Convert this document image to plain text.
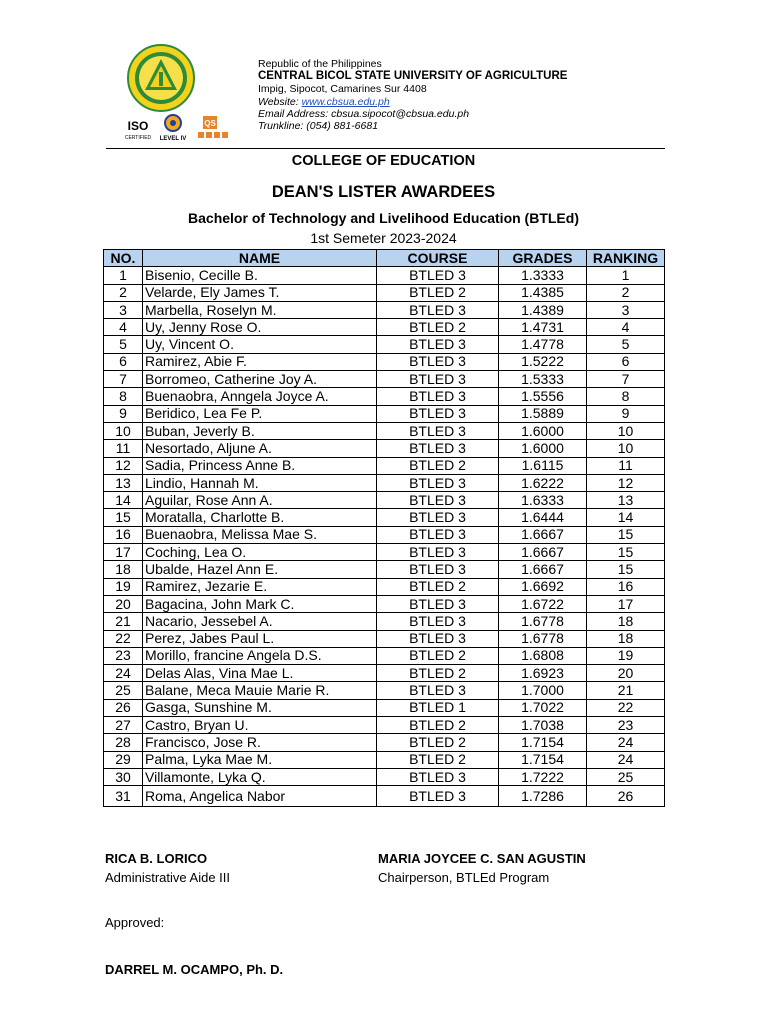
ISO
CERTIFIED LEVEL IV
QS
Republic of the Philippines
CENTRAL BICOL STATE UNIVERSITY OF AGRICULTURE
Impig, Sipocot, Camarines Sur 4408
Website: www.cbsua.edu.ph
Email Address: cbsua.sipocot@cbsua.edu.ph
Trunkline: (054) 881-6681
COLLEGE OF EDUCATION
DEAN'S LISTER AWARDEES
Bachelor of Technology and Livelihood Education (BTLEd)
1st Semeter 2023-2024
NO.	NAME	COURSE	GRADES	RANKING
1	Bisenio, Cecille B.	BTLED 3	1.3333	1
2	Velarde, Ely James T.	BTLED 2	1.4385	2
3	Marbella, Roselyn M.	BTLED 3	1.4389	3
4	Uy, Jenny Rose O.	BTLED 2	1.4731	4
5	Uy, Vincent O.	BTLED 3	1.4778	5
6	Ramirez, Abie F.	BTLED 3	1.5222	6
7	Borromeo, Catherine Joy A.	BTLED 3	1.5333	7
8	Buenaobra, Anngela Joyce A.	BTLED 3	1.5556	8
9	Beridico, Lea Fe P.	BTLED 3	1.5889	9
10	Buban, Jeverly B.	BTLED 3	1.6000	10
11	Nesortado, Aljune A.	BTLED 3	1.6000	10
12	Sadia, Princess Anne B.	BTLED 2	1.6115	11
13	Lindio, Hannah M.	BTLED 3	1.6222	12
14	Aguilar, Rose Ann A.	BTLED 3	1.6333	13
15	Moratalla, Charlotte B.	BTLED 3	1.6444	14
16	Buenaobra, Melissa Mae S.	BTLED 3	1.6667	15
17	Coching, Lea O.	BTLED 3	1.6667	15
18	Ubalde, Hazel Ann E.	BTLED 3	1.6667	15
19	Ramirez, Jezarie E.	BTLED 2	1.6692	16
20	Bagacina, John Mark C.	BTLED 3	1.6722	17
21	Nacario, Jessebel A.	BTLED 3	1.6778	18
22	Perez, Jabes Paul L.	BTLED 3	1.6778	18
23	Morillo, francine Angela D.S.	BTLED 2	1.6808	19
24	Delas Alas, Vina Mae L.	BTLED 2	1.6923	20
25	Balane, Meca Mauie Marie R.	BTLED 3	1.7000	21
26	Gasga, Sunshine M.	BTLED 1	1.7022	22
27	Castro, Bryan U.	BTLED 2	1.7038	23
28	Francisco, Jose R.	BTLED 2	1.7154	24
29	Palma, Lyka Mae M.	BTLED 2	1.7154	24
30	Villamonte, Lyka Q.	BTLED 3	1.7222	25
31	Roma, Angelica Nabor	BTLED 3	1.7286	26
RICA B. LORICO
Administrative Aide III
MARIA JOYCEE C. SAN AGUSTIN
Chairperson, BTLEd Program
Approved:
DARREL M. OCAMPO, Ph. D.
